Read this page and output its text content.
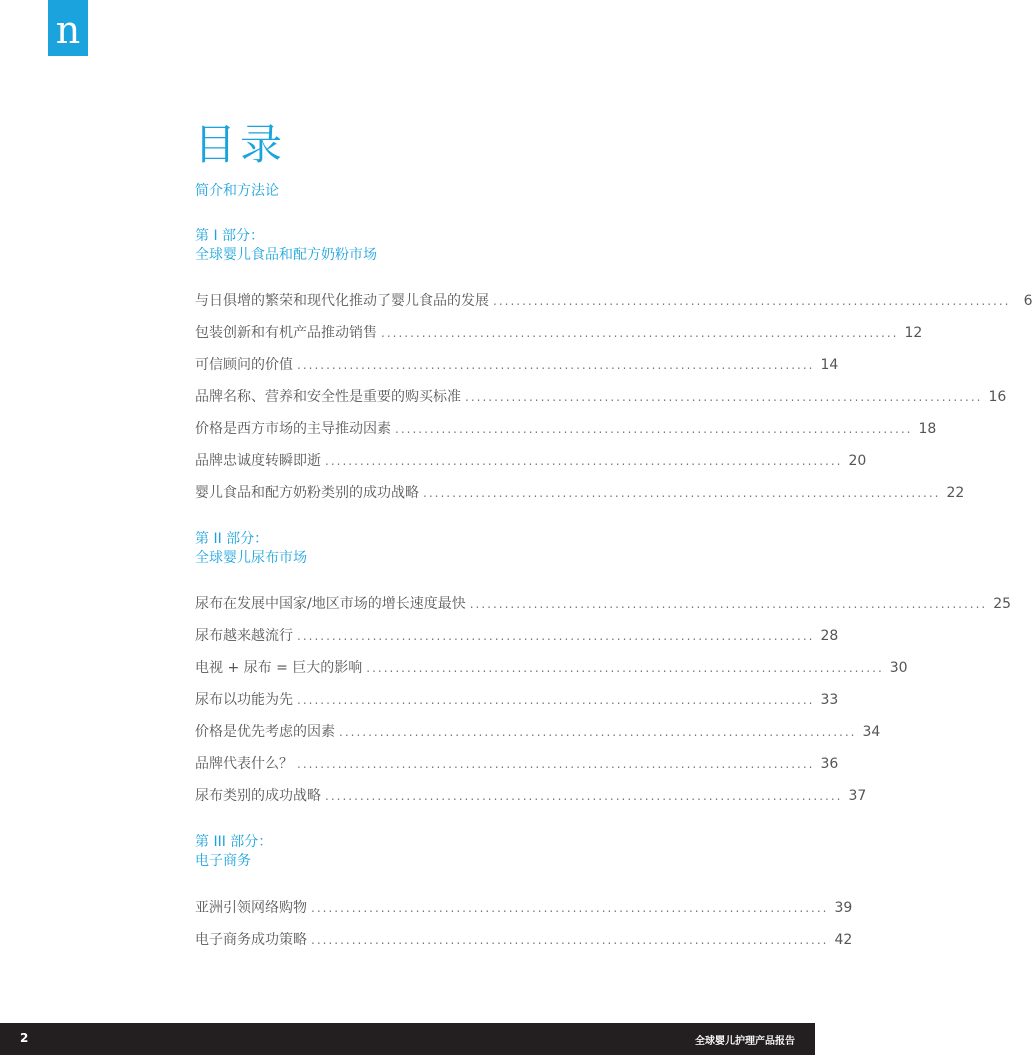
n
目录
简介和方法论
第 I 部分：
全球婴儿食品和配方奶粉市场
与日俱增的繁荣和现代化推动了婴儿食品的发展 ......................................................................................... 6
包装创新和有机产品推动销售 ......................................................................................... 12
可信顾问的价值 ......................................................................................... 14
品牌名称、营养和安全性是重要的购买标准 ......................................................................................... 16
价格是西方市场的主导推动因素 ......................................................................................... 18
品牌忠诚度转瞬即逝 ......................................................................................... 20
婴儿食品和配方奶粉类别的成功战略 ......................................................................................... 22
第 II 部分：
全球婴儿尿布市场
尿布在发展中国家/地区市场的增长速度最快 ......................................................................................... 25
尿布越来越流行 ......................................................................................... 28
电视 + 尿布 = 巨大的影响 ......................................................................................... 30
尿布以功能为先 ......................................................................................... 33
价格是优先考虑的因素 ......................................................................................... 34
品牌代表什么？ ......................................................................................... 36
尿布类别的成功战略 ......................................................................................... 37
第 III 部分：
电子商务
亚洲引领网络购物 ......................................................................................... 39
电子商务成功策略 ......................................................................................... 42
2	全球婴儿护理产品报告
